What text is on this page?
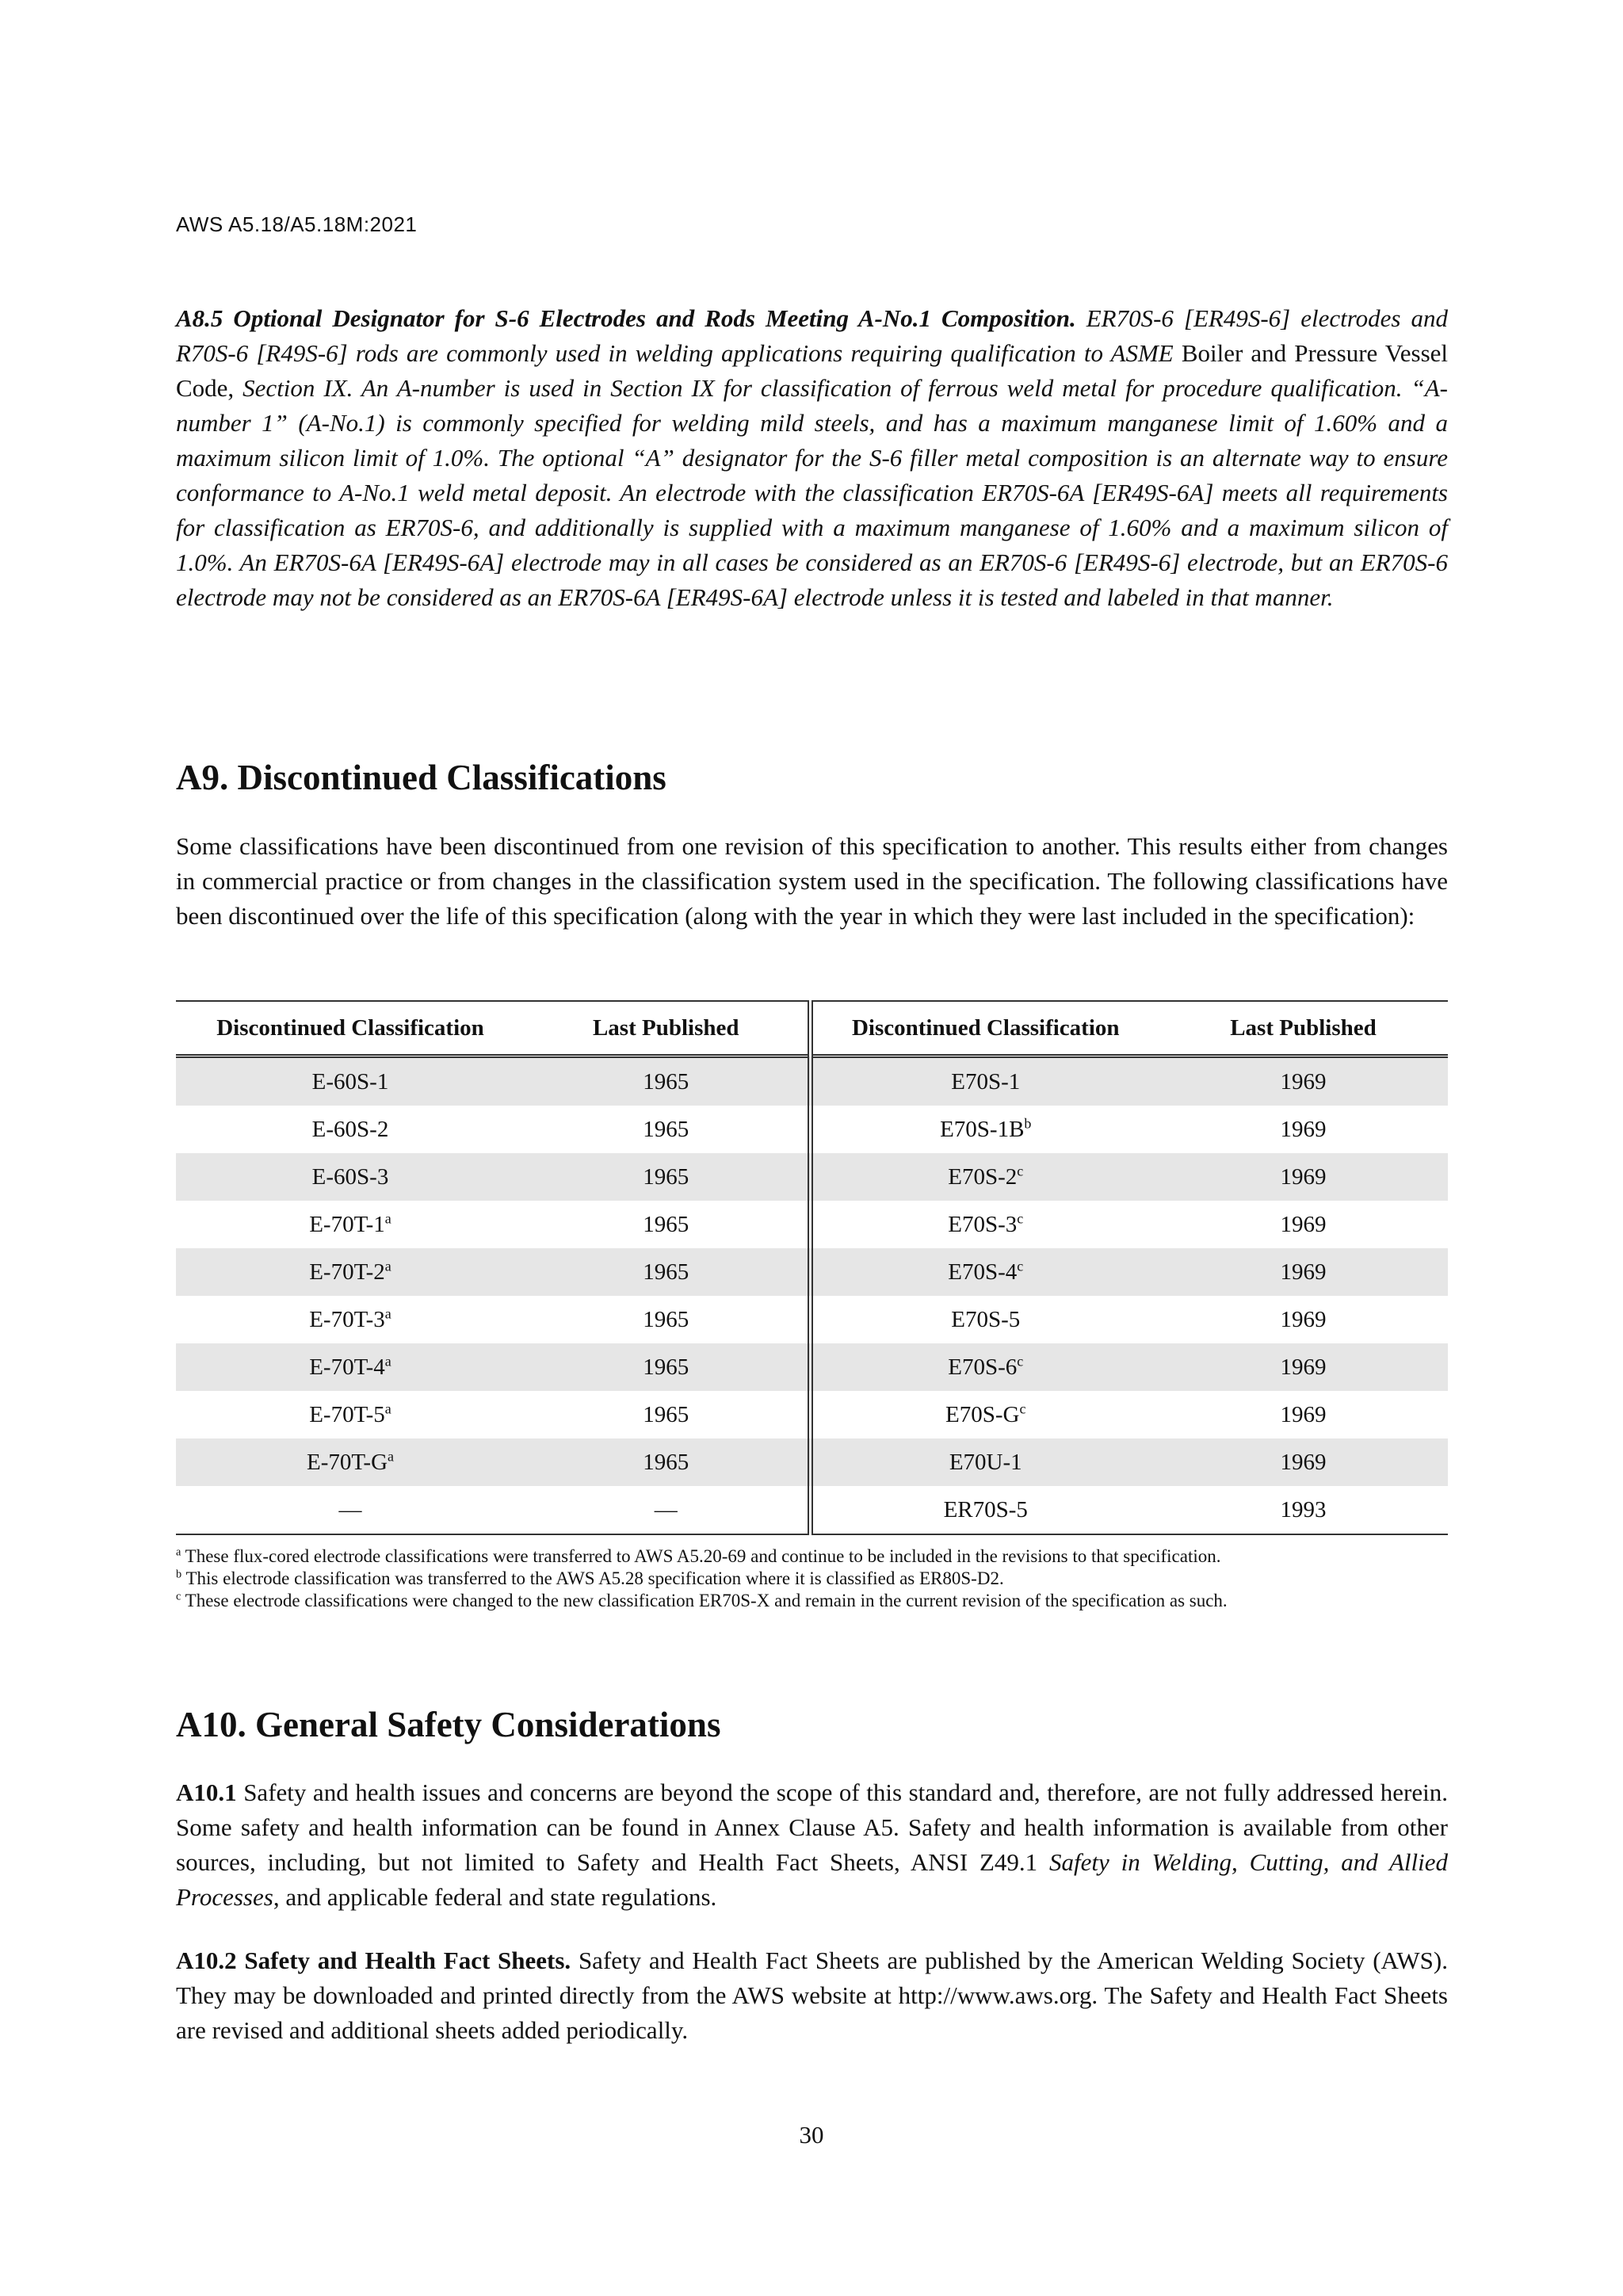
AWS A5.18/A5.18M:2021
A8.5 Optional Designator for S-6 Electrodes and Rods Meeting A-No.1 Composition. ER70S-6 [ER49S-6] electrodes and R70S-6 [R49S-6] rods are commonly used in welding applications requiring qualification to ASME Boiler and Pressure Vessel Code, Section IX. An A-number is used in Section IX for classification of ferrous weld metal for procedure qualification. “A-number 1” (A-No.1) is commonly specified for welding mild steels, and has a maximum manganese limit of 1.60% and a maximum silicon limit of 1.0%. The optional “A” designator for the S-6 filler metal composition is an alternate way to ensure conformance to A-No.1 weld metal deposit. An electrode with the classification ER70S-6A [ER49S-6A] meets all requirements for classification as ER70S-6, and additionally is supplied with a maximum manganese of 1.60% and a maximum silicon of 1.0%. An ER70S-6A [ER49S-6A] electrode may in all cases be considered as an ER70S-6 [ER49S-6] electrode, but an ER70S-6 electrode may not be considered as an ER70S-6A [ER49S-6A] electrode unless it is tested and labeled in that manner.
A9. Discontinued Classifications
Some classifications have been discontinued from one revision of this specification to another. This results either from changes in commercial practice or from changes in the classification system used in the specification. The following classifications have been discontinued over the life of this specification (along with the year in which they were last included in the specification):
Discontinued Classification	Last Published	Discontinued Classification	Last Published
E-60S-1	1965	E70S-1	1969
E-60S-2	1965	$E70S-1B^b$	1969
E-60S-3	1965	E70S-2$^c$	1969
E-70T-1$^a$	1965	E70S-3$^c$	1969
E-70T-2$^a$	1965	E70S-4$^c$	1969
E-70T-3$^a$	1965	E70S-5	1969
E-70T-4$^a$	1965	E70S-6$^c$	1969
E-70T-5$^a$	1965	$E70S-G^c$	1969
$E-70T-G^a$	1965	E70U-1	1969
—	—	ER70S-5	1993
$^a$ These flux-cored electrode classifications were transferred to AWS A5.20-69 and continue to be included in the revisions to that specification.
$^b$ This electrode classification was transferred to the AWS A5.28 specification where it is classified as ER80S-D2.
$^c$ These electrode classifications were changed to the new classification ER70S-X and remain in the current revision of the specification as such.
A10. General Safety Considerations
A10.1 Safety and health issues and concerns are beyond the scope of this standard and, therefore, are not fully addressed herein. Some safety and health information can be found in Annex Clause A5. Safety and health information is available from other sources, including, but not limited to Safety and Health Fact Sheets, ANSI Z49.1 Safety in Welding, Cutting, and Allied Processes, and applicable federal and state regulations.
A10.2 Safety and Health Fact Sheets. Safety and Health Fact Sheets are published by the American Welding Society (AWS). They may be downloaded and printed directly from the AWS website at http://www.aws.org. The Safety and Health Fact Sheets are revised and additional sheets added periodically.
30
